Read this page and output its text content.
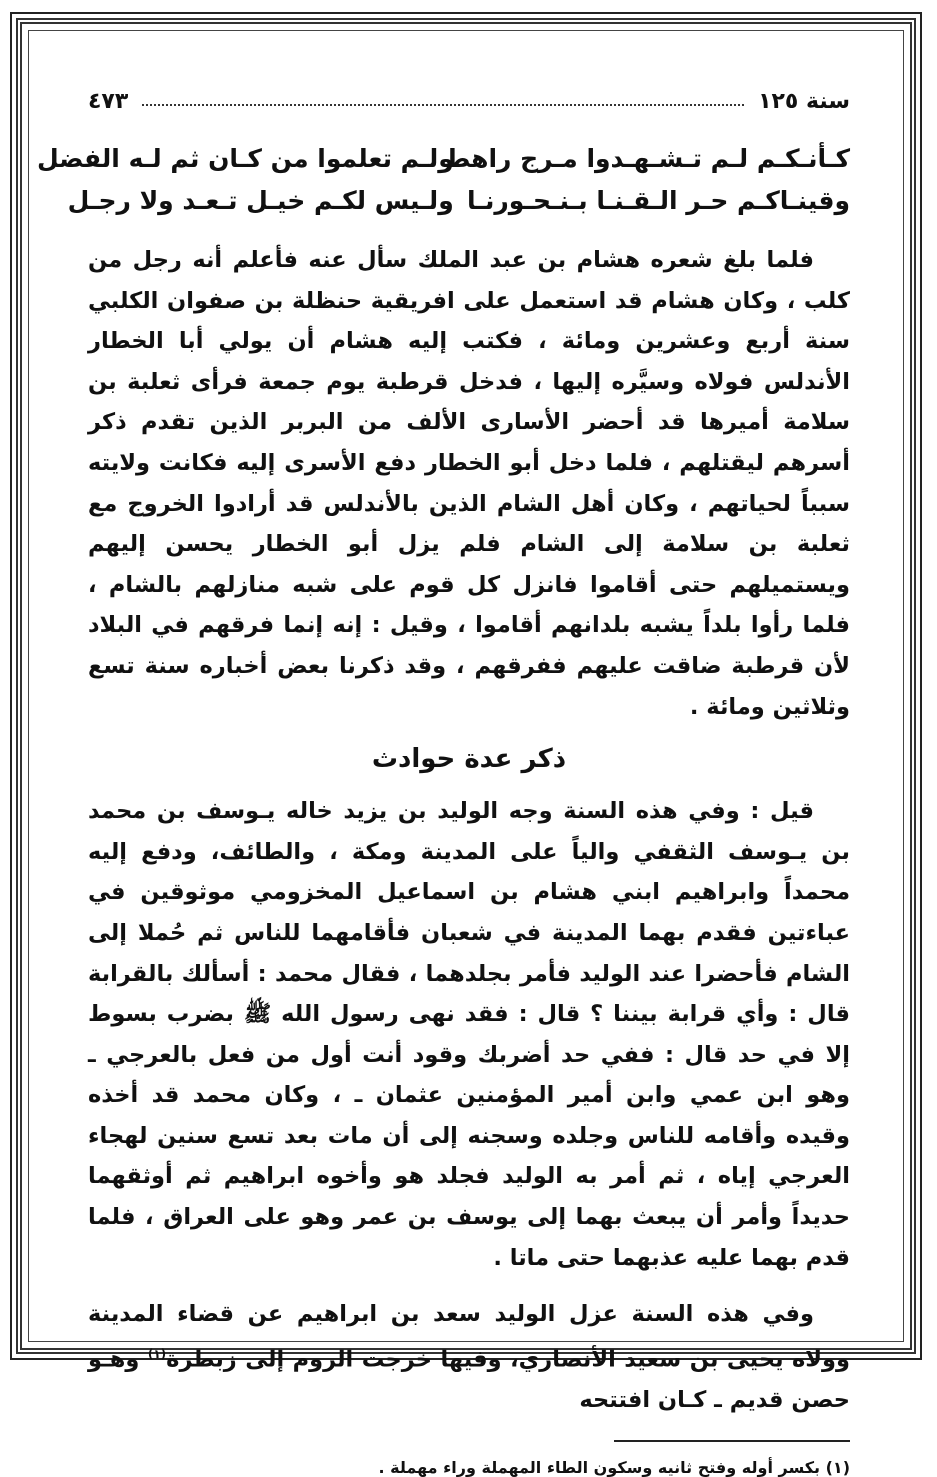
سنة ١٢٥
٤٧٣
كـأنـكـم لـم تـشـهـدوا مـرج راهط
ولـم تعلموا من كـان ثم لـه الفضل
وقينـاكـم حـر الـقـنـا بـنـحـورنـا
ولـيس لكـم خيـل تـعـد ولا رجـل

فلما بلغ شعره هشام بن عبد الملك سأل عنه فأعلم أنه رجل من كلب ، وكان هشام قد استعمل على افريقية حنظلة بن صفوان الكلبي سنة أربع وعشرين ومائة ، فكتب إليه هشام أن يولي أبا الخطار الأندلس فولاه وسيَّره إليها ، فدخل قرطبة يوم جمعة فرأى ثعلبة بن سلامة أميرها قد أحضر الأسارى الألف من البربر الذين تقدم ذكر أسرهم ليقتلهم ، فلما دخل أبو الخطار دفع الأسرى إليه فكانت ولايته سبباً لحياتهم ، وكان أهل الشام الذين بالأندلس قد أرادوا الخروج مع ثعلبة بن سلامة إلى الشام فلم يزل أبو الخطار يحسن إليهم ويستميلهم حتى أقاموا فانزل كل قوم على شبه منازلهم بالشام ، فلما رأوا بلداً يشبه بلدانهم أقاموا ، وقيل : إنه إنما فرقهم في البلاد لأن قرطبة ضاقت عليهم ففرقهم ، وقد ذكرنا بعض أخباره سنة تسع وثلاثين ومائة .

ذكر عدة حوادث

قيل : وفي هذه السنة وجه الوليد بن يزيد خاله يـوسف بن محمد بن يـوسف الثقفي والياً على المدينة ومكة ، والطائف، ودفع إليه محمداً وابراهيم ابني هشام بن اسماعيل المخزومي موثوقين في عباءتين فقدم بهما المدينة في شعبان فأقامهما للناس ثم حُملا إلى الشام فأحضرا عند الوليد فأمر بجلدهما ، فقال محمد : أسألك بالقرابة قال : وأي قرابة بيننا ؟ قال : فقد نهى رسول الله ﷺ بضرب بسوط إلا في حد قال : ففي حد أضربك وقود أنت أول من فعل بالعرجي ـ وهو ابن عمي وابن أمير المؤمنين عثمان ـ ، وكان محمد قد أخذه وقيده وأقامه للناس وجلده وسجنه إلى أن مات بعد تسع سنين لهجاء العرجي إياه ، ثم أمر به الوليد فجلد هو وأخوه ابراهيم ثم أوثقهما حديداً وأمر أن يبعث بهما إلى يوسف بن عمر وهو على العراق ، فلما قدم بهما عليه عذبهما حتى ماتا .

وفي هذه السنة عزل الوليد سعد بن ابراهيم عن قضاء المدينة وولاه يحيى بن سعيد الأنصاري، وفيها خرجت الروم إلى زبطرة$^{(١)}$ وهـو حصن قديم ـ كـان افتتحه

(١) بكسر أوله وفتح ثانيه وسكون الطاء المهملة وراء مهملة .
